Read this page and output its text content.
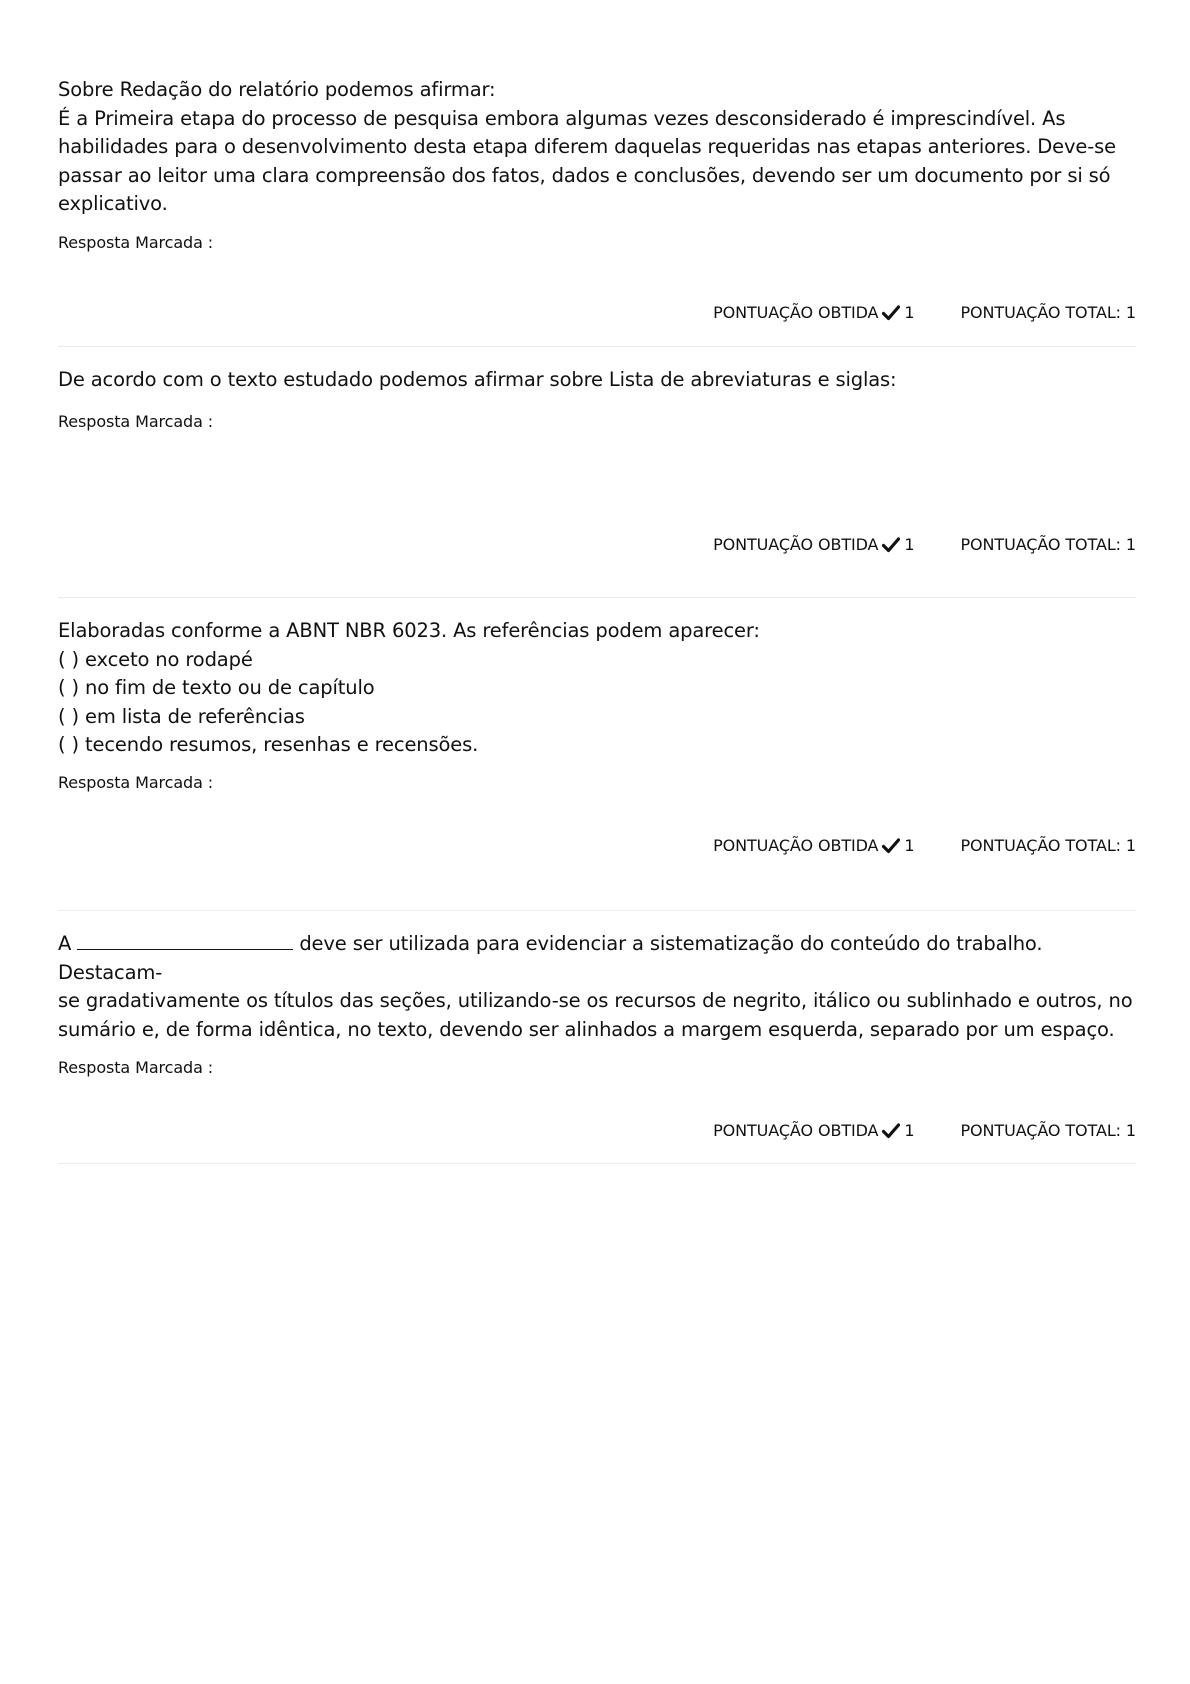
Sobre Redação do relatório podemos afirmar:
É a Primeira etapa do processo de pesquisa embora algumas vezes desconsiderado é imprescindível. As
habilidades para o desenvolvimento desta etapa diferem daquelas requeridas nas etapas anteriores. Deve-se
passar ao leitor uma clara compreensão dos fatos, dados e conclusões, devendo ser um documento por si só
explicativo.

Resposta Marcada :
PONTUAÇÃO OBTIDA 1	PONTUAÇÃO TOTAL: 1

De acordo com o texto estudado podemos afirmar sobre Lista de abreviaturas e siglas:

Resposta Marcada :
PONTUAÇÃO OBTIDA 1	PONTUAÇÃO TOTAL: 1

Elaboradas conforme a ABNT NBR 6023. As referências podem aparecer:
( ) exceto no rodapé
( ) no fim de texto ou de capítulo
( ) em lista de referências
( ) tecendo resumos, resenhas e recensões.

Resposta Marcada :
PONTUAÇÃO OBTIDA 1	PONTUAÇÃO TOTAL: 1

A	deve ser utilizada para evidenciar a sistematização do conteúdo do trabalho. Destacam-
se gradativamente os títulos das seções, utilizando-se os recursos de negrito, itálico ou sublinhado e outros, no
sumário e, de forma idêntica, no texto, devendo ser alinhados a margem esquerda, separado por um espaço.

Resposta Marcada :
PONTUAÇÃO OBTIDA 1	PONTUAÇÃO TOTAL: 1
